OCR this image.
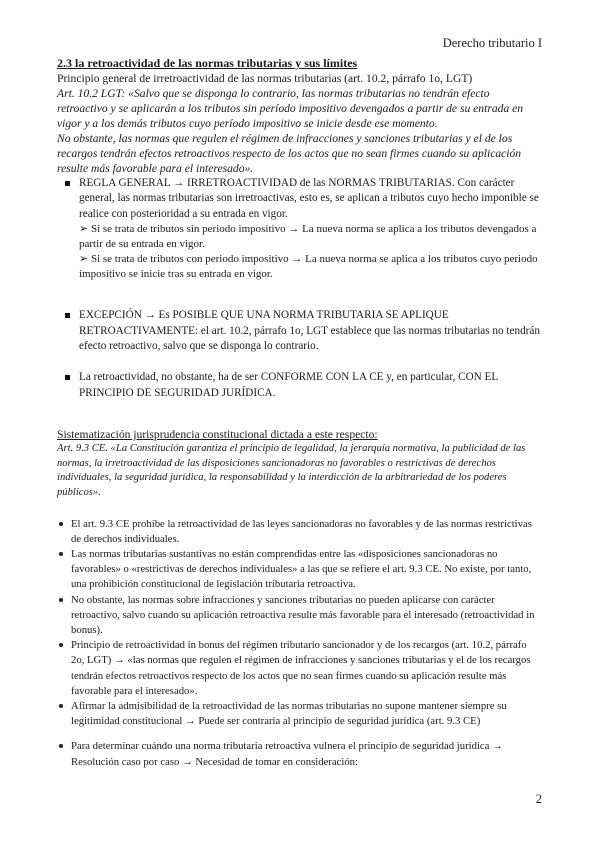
Derecho tributario I
2.3 la retroactividad de las normas tributarias y sus límites
Principio general de irretroactividad de las normas tributarias (art. 10.2, párrafo 1o, LGT)
Art. 10.2 LGT: «Salvo que se disponga lo contrario, las normas tributarias no tendrán efecto retroactivo y se aplicarán a los tributos sin período impositivo devengados a partir de su entrada en vigor y a los demás tributos cuyo período impositivo se inicie desde ese momento.
No obstante, las normas que regulen el régimen de infracciones y sanciones tributarias y el de los recargos tendrán efectos retroactivos respecto de los actos que no sean firmes cuando su aplicación resulte más favorable para el interesado».
REGLA GENERAL → IRRETROACTIVIDAD de las NORMAS TRIBUTARIAS. Con carácter general, las normas tributarias son irretroactivas, esto es, se aplican a tributos cuyo hecho imponible se realice con posterioridad a su entrada en vigor.
➢ Si se trata de tributos sin periodo impositivo → La nueva norma se aplica a los tributos devengados a partir de su entrada en vigor.
➢ Si se trata de tributos con periodo impositivo → La nueva norma se aplica a los tributos cuyo periodo impositivo se inicie tras su entrada en vigor.
EXCEPCIÓN → Es POSIBLE QUE UNA NORMA TRIBUTARIA SE APLIQUE RETROACTIVAMENTE: el art. 10.2, párrafo 1o, LGT establece que las normas tributarias no tendrán efecto retroactivo, salvo que se disponga lo contrario.
La retroactividad, no obstante, ha de ser CONFORME CON LA CE y, en particular, CON EL PRINCIPIO DE SEGURIDAD JURÍDICA.
Sistematización jurisprudencia constitucional dictada a este respecto:
Art. 9.3 CE. «La Constitución garantiza el principio de legalidad, la jerarquía normativa, la publicidad de las normas, la irretroactividad de las disposiciones sancionadoras no favorables o restrictivas de derechos individuales, la seguridad jurídica, la responsabilidad y la interdicción de la arbitrariedad de los poderes públicos».
El art. 9.3 CE prohíbe la retroactividad de las leyes sancionadoras no favorables y de las normas restrictivas de derechos individuales.
Las normas tributarias sustantivas no están comprendidas entre las «disposiciones sancionadoras no favorables» o «restrictivas de derechos individuales» a las que se refiere el art. 9.3 CE. No existe, por tanto, una prohibición constitucional de legislación tributaria retroactiva.
No obstante, las normas sobre infracciones y sanciones tributarias no pueden aplicarse con carácter retroactivo, salvo cuando su aplicación retroactiva resulte más favorable para el interesado (retroactividad in bonus).
Principio de retroactividad in bonus del régimen tributario sancionador y de los recargos (art. 10.2, párrafo 2o, LGT) → «las normas que regulen el régimen de infracciones y sanciones tributarias y el de los recargos tendrán efectos retroactivos respecto de los actos que no sean firmes cuando su aplicación resulte más favorable para el interesado».
Afirmar la admisibilidad de la retroactividad de las normas tributarias no supone mantener siempre su legitimidad constitucional → Puede ser contraria al principio de seguridad jurídica (art. 9.3 CE)
Para determinar cuándo una norma tributaria retroactiva vulnera el principio de seguridad jurídica → Resolución caso por caso → Necesidad de tomar en consideración:
2
